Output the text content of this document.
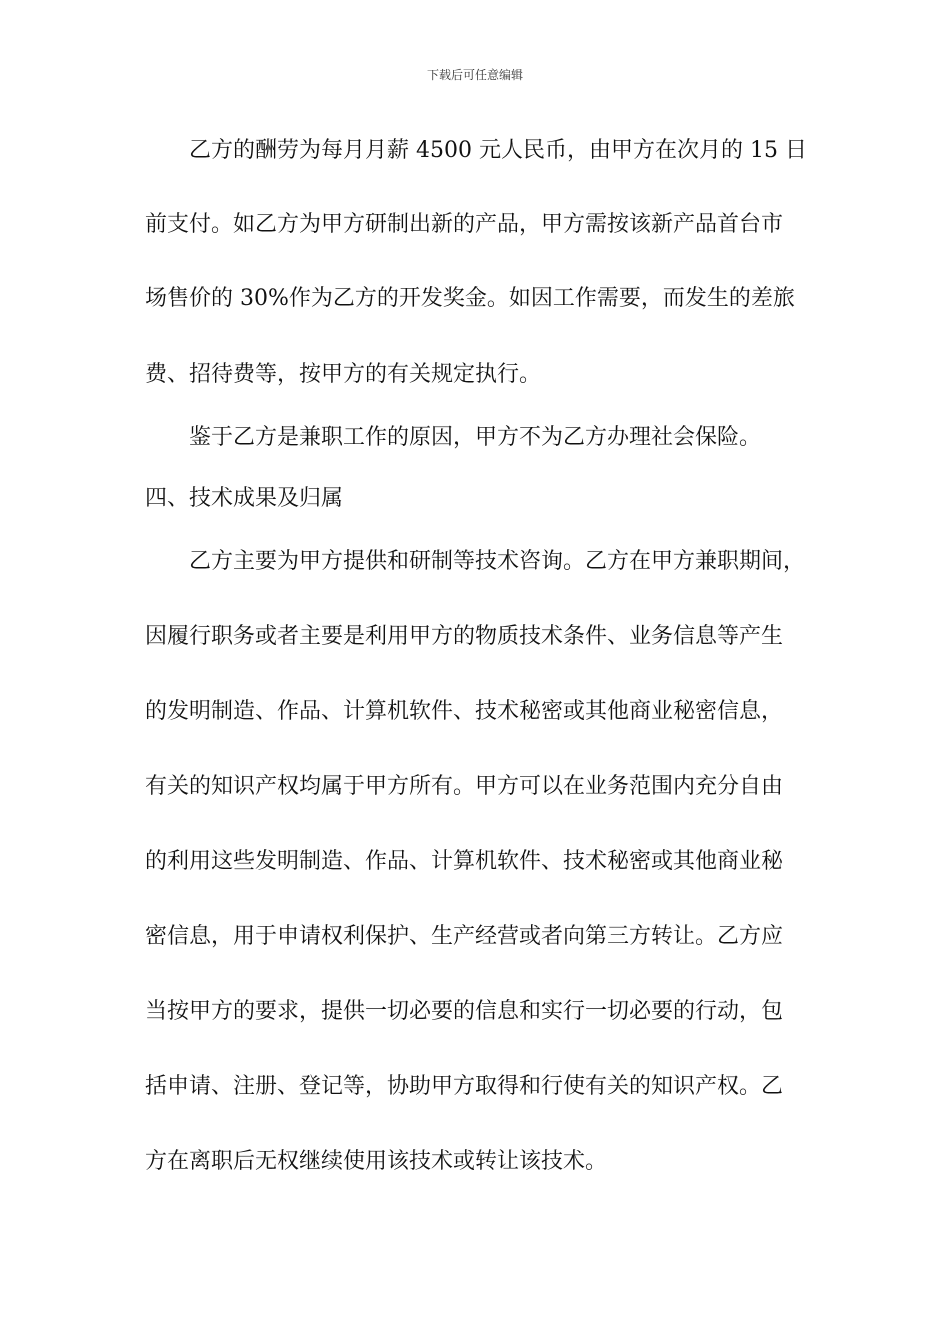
下载后可任意编辑
乙方的酬劳为每月月薪 4500 元人民币，由甲方在次月的 15 日
前支付。如乙方为甲方研制出新的产品，甲方需按该新产品首台市
场售价的 30%作为乙方的开发奖金。如因工作需要，而发生的差旅
费、招待费等，按甲方的有关规定执行。
鉴于乙方是兼职工作的原因，甲方不为乙方办理社会保险。
四、技术成果及归属
乙方主要为甲方提供和研制等技术咨询。乙方在甲方兼职期间，
因履行职务或者主要是利用甲方的物质技术条件、业务信息等产生
的发明制造、作品、计算机软件、技术秘密或其他商业秘密信息，
有关的知识产权均属于甲方所有。甲方可以在业务范围内充分自由
的利用这些发明制造、作品、计算机软件、技术秘密或其他商业秘
密信息，用于申请权利保护、生产经营或者向第三方转让。乙方应
当按甲方的要求，提供一切必要的信息和实行一切必要的行动，包
括申请、注册、登记等，协助甲方取得和行使有关的知识产权。乙
方在离职后无权继续使用该技术或转让该技术。
